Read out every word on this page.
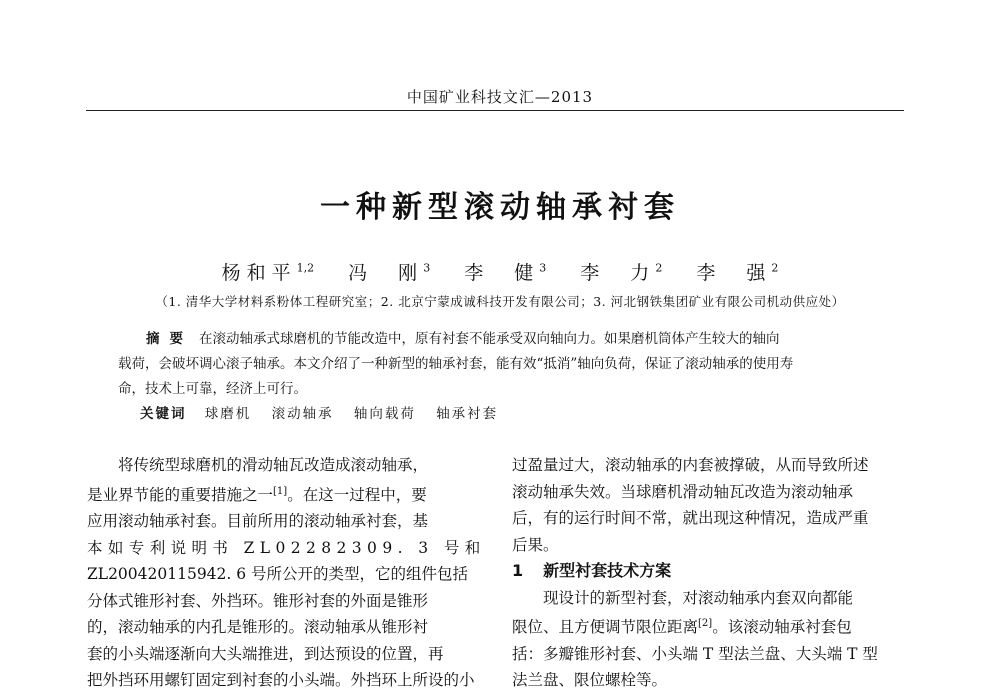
中国矿业科技文汇—2013
一种新型滚动轴承衬套
杨和平$^{1,2}$ 冯　刚$^3$ 李　健$^3$ 李　力$^2$ 李　强$^2$
（1. 清华大学材料系粉体工程研究室；2. 北京宁蒙成诚科技开发有限公司；3. 河北钢铁集团矿业有限公司机动供应处）
摘要 在滚动轴承式球磨机的节能改造中，原有衬套不能承受双向轴向力。如果磨机筒体产生较大的轴向
载荷，会破坏调心滚子轴承。本文介绍了一种新型的轴承衬套，能有效“抵消”轴向负荷，保证了滚动轴承的使用寿
命，技术上可靠，经济上可行。
关键词 球磨机 滚动轴承 轴向载荷 轴承衬套
将传统型球磨机的滑动轴瓦改造成滚动轴承，
是业界节能的重要措施之一[1]。在这一过程中，要
应用滚动轴承衬套。目前所用的滚动轴承衬套，基
本如专利说明书 ZL02282309. 3 号和
ZL200420115942. 6 号所公开的类型，它的组件包括
分体式锥形衬套、外挡环。锥形衬套的外面是锥形
的，滚动轴承的内孔是锥形的。滚动轴承从锥形衬
套的小头端逐渐向大头端推进，到达预设的位置，再
把外挡环用螺钉固定到衬套的小头端。外挡环上所设的小
过盈量过大，滚动轴承的内套被撑破，从而导致所述
滚动轴承失效。当球磨机滑动轴瓦改造为滚动轴承
后，有的运行时间不常，就出现这种情况，造成严重
后果。
1 新型衬套技术方案
现设计的新型衬套，对滚动轴承内套双向都能
限位、且方便调节限位距离[2]。该滚动轴承衬套包
括：多瓣锥形衬套、小头端 T 型法兰盘、大头端 T 型
法兰盘、限位螺栓等。
